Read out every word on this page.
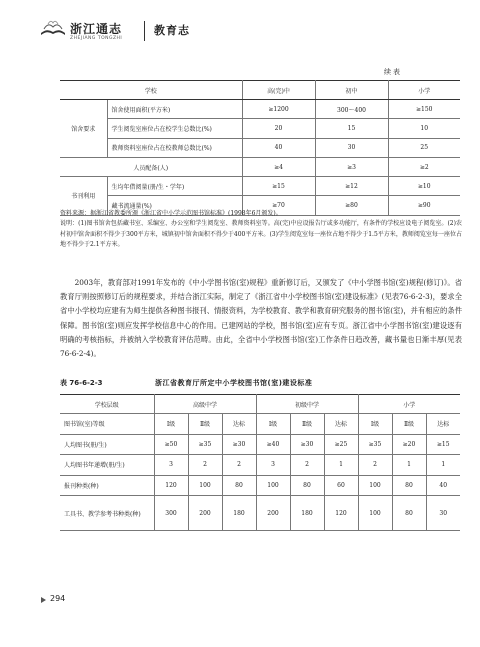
浙江通志
ZHEJIANG TONGZHI
教育志
续表
学校		高(完)中	初中	小学
馆舍要求	馆舍使用面积(平方米)	≥1200	300～400	≥150
	学生阅览室座位占在校学生总数比(%)	20	15	10
	教师资料室座位占在校教师总数比(%)	40	30	25
人员配备(人)		≥4	≥3	≥2
书刊利用	生均年借阅量(册/生・学年)	≥15	≥12	≥10
	藏书流通量(%)	≥70	≥80	≥90
资料来源：据浙江省教委所颁《浙江省中小学示范图书馆标准》(1998年6月颁发)。
说明：(1)图书馆舍包括藏书室、采编室、办公室和学生阅览室、教师资料室等。高(完)中应设报告厅或多功能厅，有条件的学校应设电子阅览室。(2)农村初中馆舍面积不得少于300平方米，城镇初中馆舍面积不得少于400平方米。(3)学生阅览室每一座位占地不得少于1.5平方米，教师阅览室每一座位占地不得少于2.1平方米。
2003年，教育部对1991年发布的《中小学图书馆(室)规程》重新修订后，又颁发了《中小学图书馆(室)规程(修订)》。省教育厅则按照修订后的规程要求，并结合浙江实际，制定了《浙江省中小学校图书馆(室)建设标准》(见表76-6-2-3)，要求全省中小学校均应建有为师生提供各种图书报刊、情报资料，为学校教育、教学和教育研究服务的图书馆(室)，并有相应的条件保障。图书馆(室)则应发挥学校信息中心的作用。已建网站的学校，图书馆(室)应有专页。浙江省中小学图书馆(室)建设逐有明确的考核指标，并被纳入学校教育评估范畴。由此，全省中小学校图书馆(室)工作条件日趋改善，藏书量也日渐丰厚(见表76-6-2-4)。
表 76-6-2-3	浙江省教育厅所定中小学校图书馆(室)建设标准
学校层级	高级中学			初级中学			小学		
图书馆(室)等级	Ⅰ级	Ⅱ级	达标	Ⅰ级	Ⅱ级	达标	Ⅰ级	Ⅱ级	达标
人均图书(册/生)	≥50	≥35	≥30	≥40	≥30	≥25	≥35	≥20	≥15
人均图书年递增(册/生)	3	2	2	3	2	1	2	1	1
报刊种类(种)	120	100	80	100	80	60	100	80	40
工具书、教学参考书种类(种)	300	200	180	200	180	120	100	80	30
294
